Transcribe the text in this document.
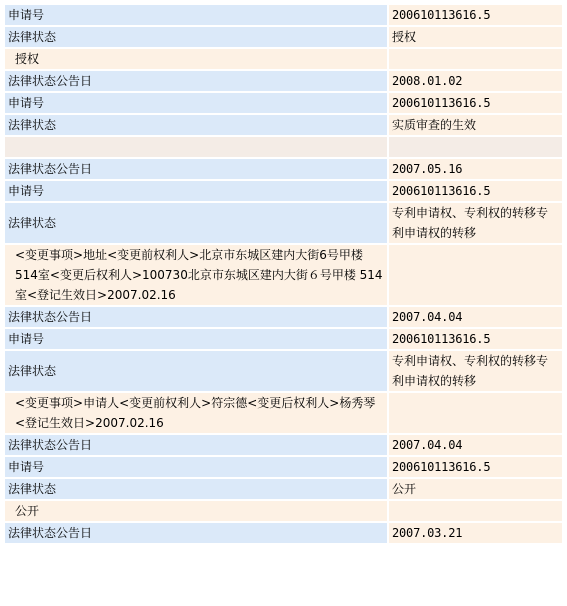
申请号	200610113616.5
法律状态	授权
授权	
法律状态公告日	2008.01.02
申请号	200610113616.5
法律状态	实质审查的生效

法律状态公告日	2007.05.16
申请号	200610113616.5
法律状态	专利申请权、专利权的转移专利申请权的转移
<变更事项>地址<变更前权利人>北京市东城区建内大街6号甲楼514室<变更后权利人>100730北京市东城区建内大街６号甲楼 514 室<登记生效日>2007.02.16	
法律状态公告日	2007.04.04
申请号	200610113616.5
法律状态	专利申请权、专利权的转移专利申请权的转移
<变更事项>申请人<变更前权利人>符宗德<变更后权利人>杨秀琴<登记生效日>2007.02.16	
法律状态公告日	2007.04.04
申请号	200610113616.5
法律状态	公开
公开	
法律状态公告日	2007.03.21
